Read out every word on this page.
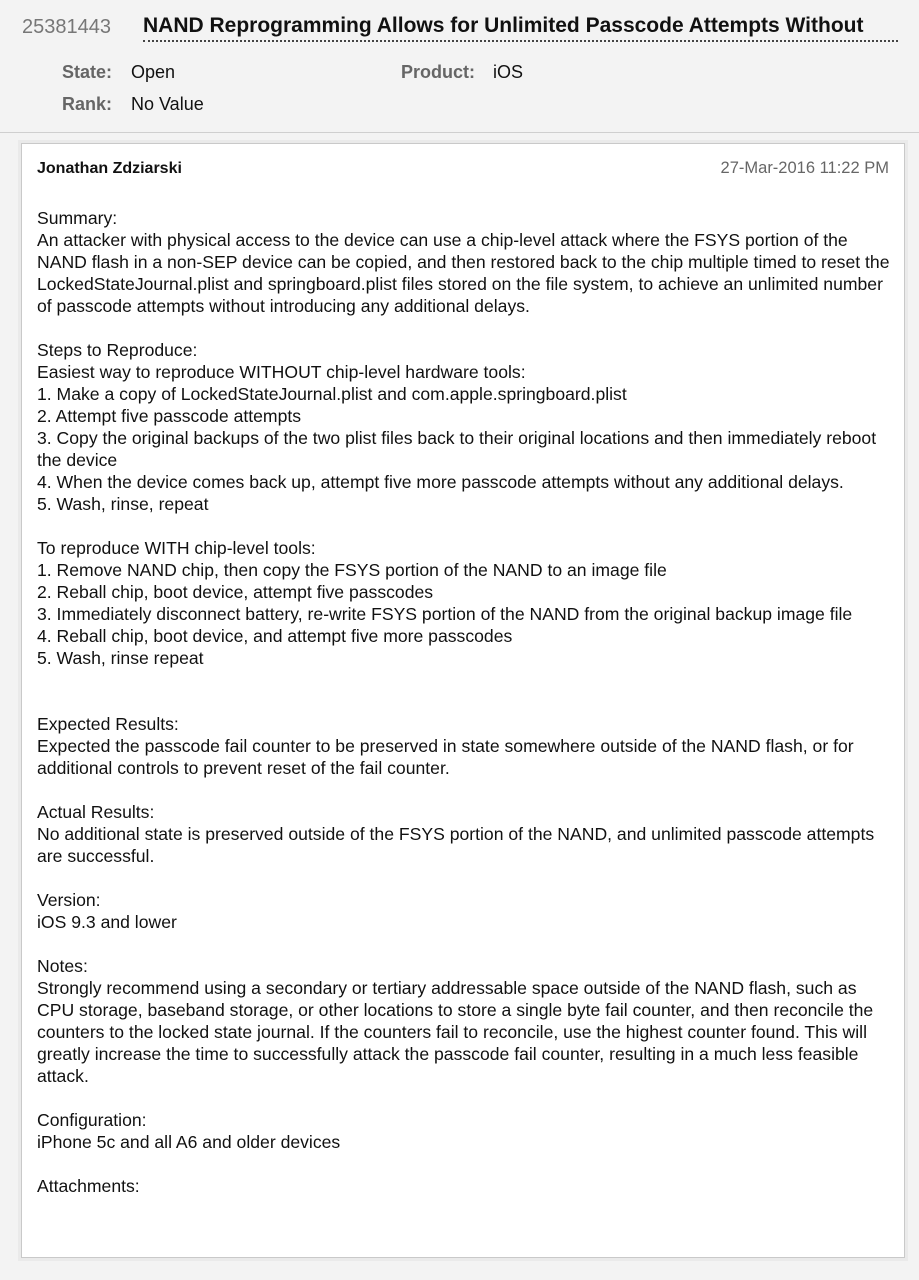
25381443 NAND Reprogramming Allows for Unlimited Passcode Attempts Without
State: Open
Rank: No Value
Product: iOS
Jonathan Zdziarski	27-Mar-2016 11:22 PM
Summary:
An attacker with physical access to the device can use a chip-level attack where the FSYS portion of the NAND flash in a non-SEP device can be copied, and then restored back to the chip multiple timed to reset the LockedStateJournal.plist and springboard.plist files stored on the file system, to achieve an unlimited number of passcode attempts without introducing any additional delays.

Steps to Reproduce:
Easiest way to reproduce WITHOUT chip-level hardware tools:
1. Make a copy of LockedStateJournal.plist and com.apple.springboard.plist
2. Attempt five passcode attempts
3. Copy the original backups of the two plist files back to their original locations and then immediately reboot the device
4. When the device comes back up, attempt five more passcode attempts without any additional delays.
5. Wash, rinse, repeat

To reproduce WITH chip-level tools:
1. Remove NAND chip, then copy the FSYS portion of the NAND to an image file
2. Reball chip, boot device, attempt five passcodes
3. Immediately disconnect battery, re-write FSYS portion of the NAND from the original backup image file
4. Reball chip, boot device, and attempt five more passcodes
5. Wash, rinse repeat

Expected Results:
Expected the passcode fail counter to be preserved in state somewhere outside of the NAND flash, or for additional controls to prevent reset of the fail counter.

Actual Results:
No additional state is preserved outside of the FSYS portion of the NAND, and unlimited passcode attempts are successful.

Version:
iOS 9.3 and lower

Notes:
Strongly recommend using a secondary or tertiary addressable space outside of the NAND flash, such as CPU storage, baseband storage, or other locations to store a single byte fail counter, and then reconcile the counters to the locked state journal. If the counters fail to reconcile, use the highest counter found. This will greatly increase the time to successfully attack the passcode fail counter, resulting in a much less feasible attack.

Configuration:
iPhone 5c and all A6 and older devices

Attachments:
